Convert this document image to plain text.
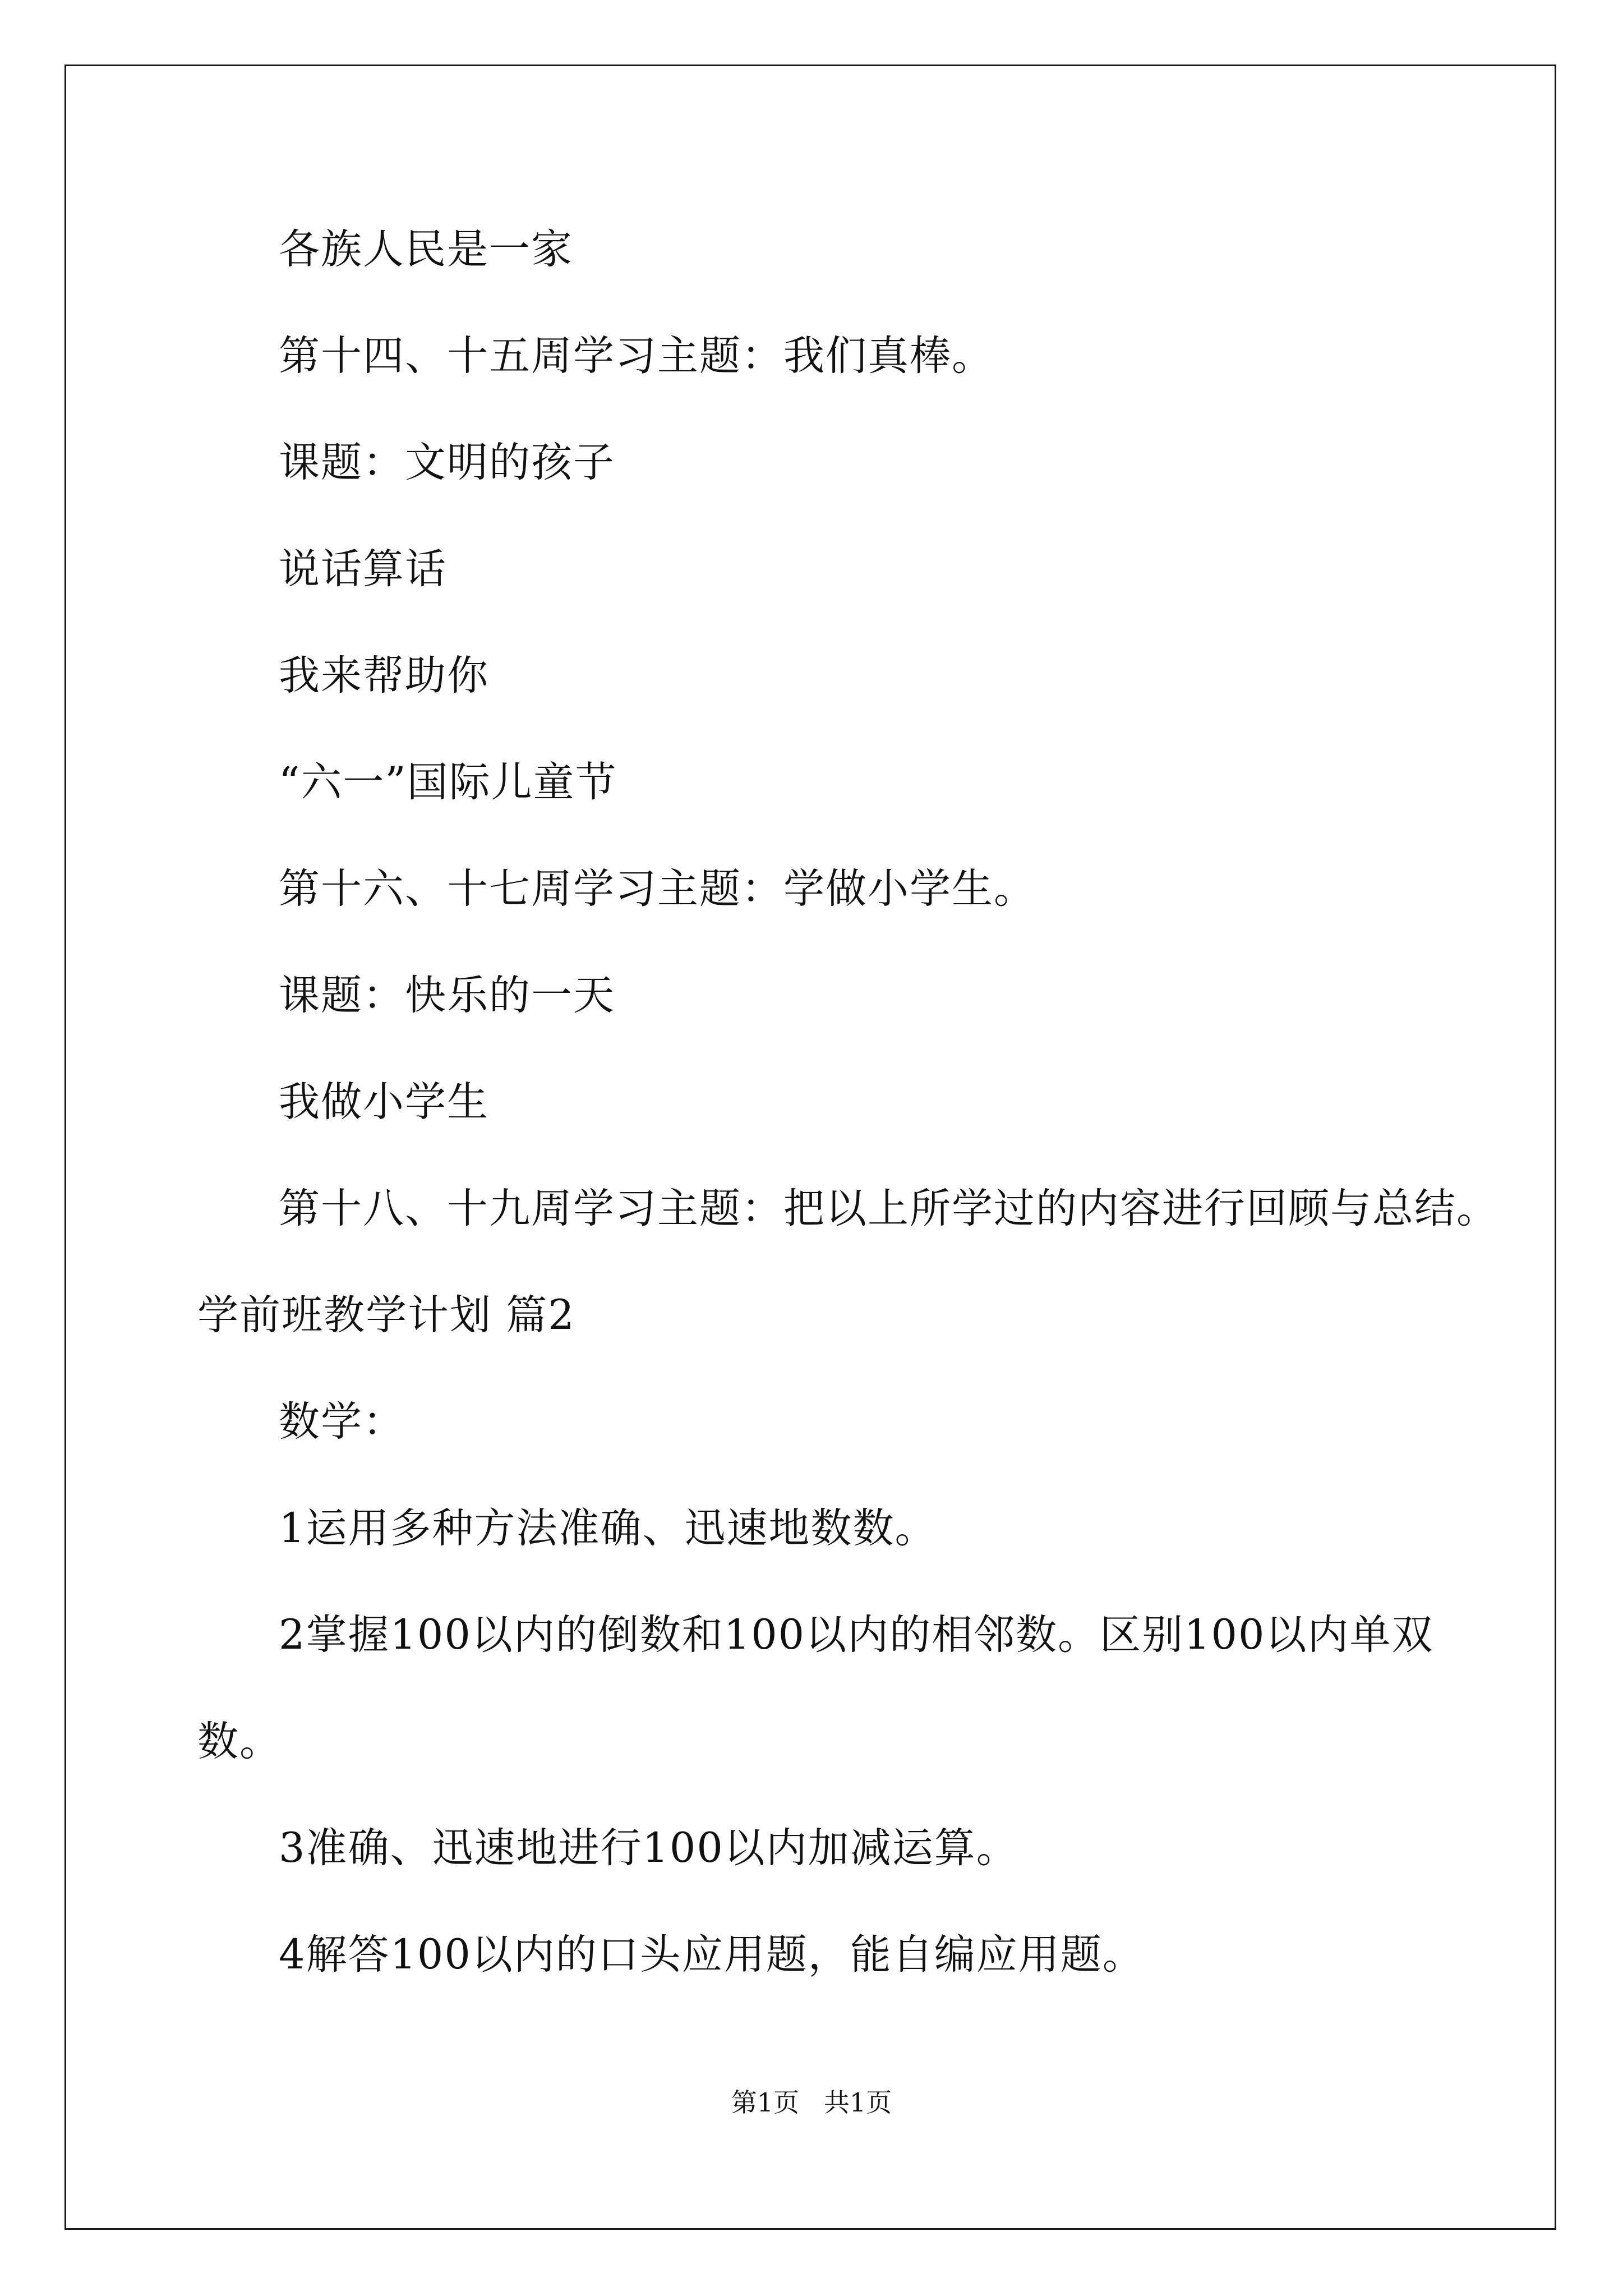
各族人民是一家
第十四、十五周学习主题：我们真棒。
课题：文明的孩子
说话算话
我来帮助你
“六一”国际儿童节
第十六、十七周学习主题：学做小学生。
课题：快乐的一天
我做小学生
第十八、十九周学习主题：把以上所学过的内容进行回顾与总结。
学前班教学计划 篇2
数学：
1运用多种方法准确、迅速地数数。
2掌握100以内的倒数和100以内的相邻数。区别100以内单双
数。
3准确、迅速地进行100以内加减运算。
4解答100以内的口头应用题，能自编应用题。
第1页   共1页
